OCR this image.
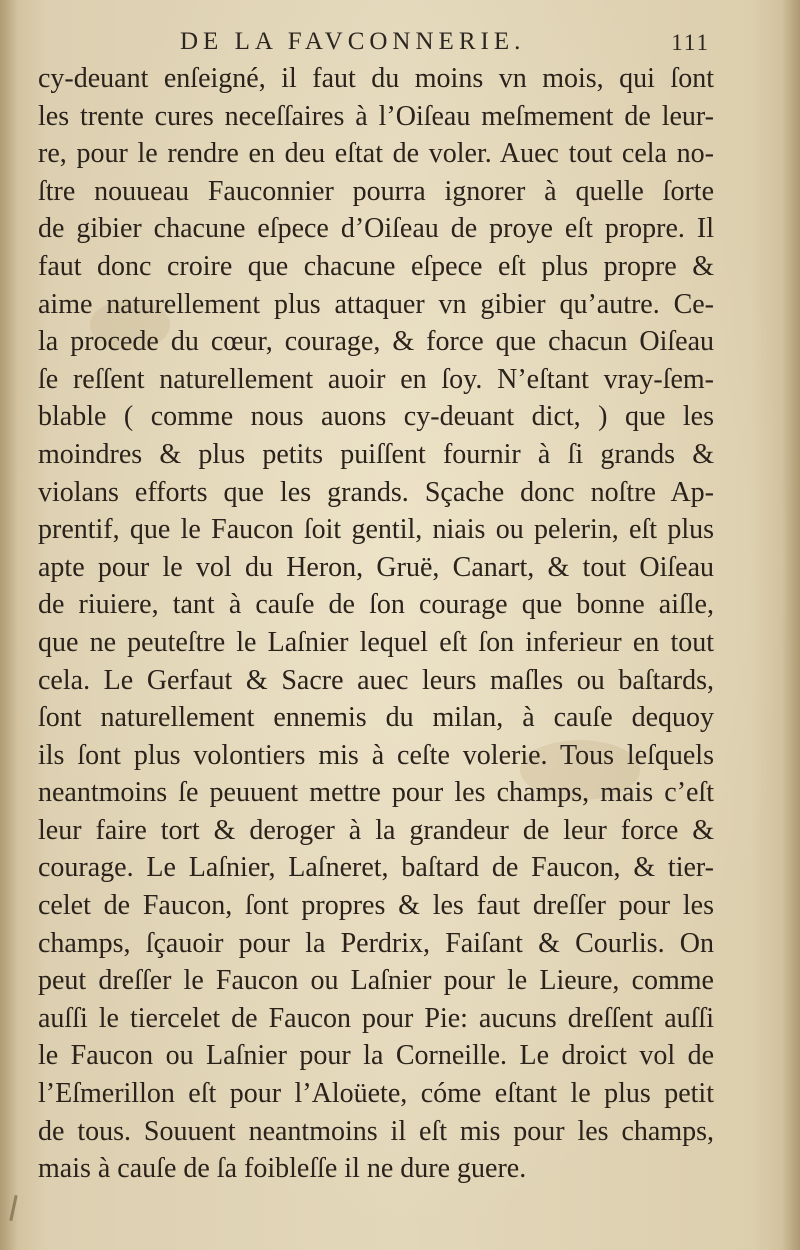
DE LA FAVCONNERIE.	111
cy-deuant enſeigné, il faut du moins vn mois, qui ſont
les trente cures neceſſaires à l’Oiſeau meſmement de leur-
re, pour le rendre en deu eſtat de voler. Auec tout cela no-
ſtre nouueau Fauconnier pourra ignorer à quelle ſorte
de gibier chacune eſpece d’Oiſeau de proye eſt propre. Il
faut donc croire que chacune eſpece eſt plus propre &
aime naturellement plus attaquer vn gibier qu’autre. Ce-
la procede du cœur, courage, & force que chacun Oiſeau
ſe reſſent naturellement auoir en ſoy. N’eſtant vray-ſem-
blable ( comme nous auons cy-deuant dict, ) que les
moindres & plus petits puiſſent fournir à ſi grands &
violans efforts que les grands. Sçache donc noſtre Ap-
prentif, que le Faucon ſoit gentil, niais ou pelerin, eſt plus
apte pour le vol du Heron, Gruë, Canart, & tout Oiſeau
de riuiere, tant à cauſe de ſon courage que bonne aiſle,
que ne peuteſtre le Laſnier lequel eſt ſon inferieur en tout
cela. Le Gerfaut & Sacre auec leurs maſles ou baſtards,
ſont naturellement ennemis du milan, à cauſe dequoy
ils ſont plus volontiers mis à ceſte volerie. Tous leſquels
neantmoins ſe peuuent mettre pour les champs, mais c’eſt
leur faire tort & deroger à la grandeur de leur force &
courage. Le Laſnier, Laſneret, baſtard de Faucon, & tier-
celet de Faucon, ſont propres & les faut dreſſer pour les
champs, ſçauoir pour la Perdrix, Faiſant & Courlis. On
peut dreſſer le Faucon ou Laſnier pour le Lieure, comme
auſſi le tiercelet de Faucon pour Pie: aucuns dreſſent auſſi
le Faucon ou Laſnier pour la Corneille. Le droict vol de
l’Eſmerillon eſt pour l’Aloüete, cóme eſtant le plus petit
de tous. Souuent neantmoins il eſt mis pour les champs,
mais à cauſe de ſa foibleſſe il ne dure guere.
